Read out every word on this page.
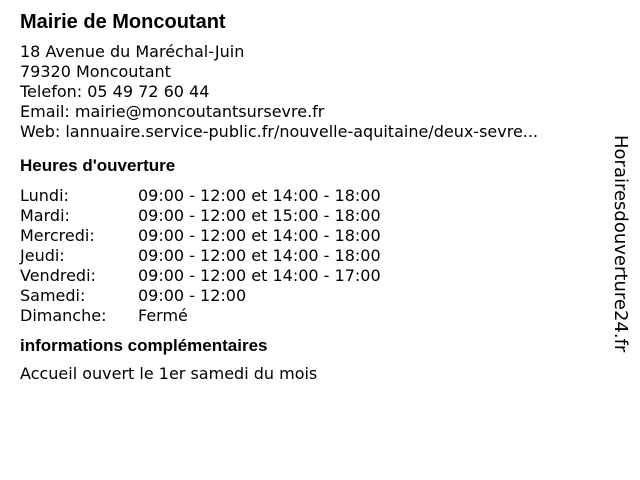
Mairie de Moncoutant
18 Avenue du Maréchal-Juin
79320 Moncoutant
Telefon: 05 49 72 60 44
Email: mairie@moncoutantsursevre.fr
Web: lannuaire.service-public.fr/nouvelle-aquitaine/deux-sevre...
Heures d'ouverture
Lundi:	09:00 - 12:00 et 14:00 - 18:00
Mardi:	09:00 - 12:00 et 15:00 - 18:00
Mercredi:	09:00 - 12:00 et 14:00 - 18:00
Jeudi:	09:00 - 12:00 et 14:00 - 18:00
Vendredi:	09:00 - 12:00 et 14:00 - 17:00
Samedi:	09:00 - 12:00
Dimanche:	Fermé
informations complémentaires
Accueil ouvert le 1er samedi du mois
Horairesdouverture24.fr
